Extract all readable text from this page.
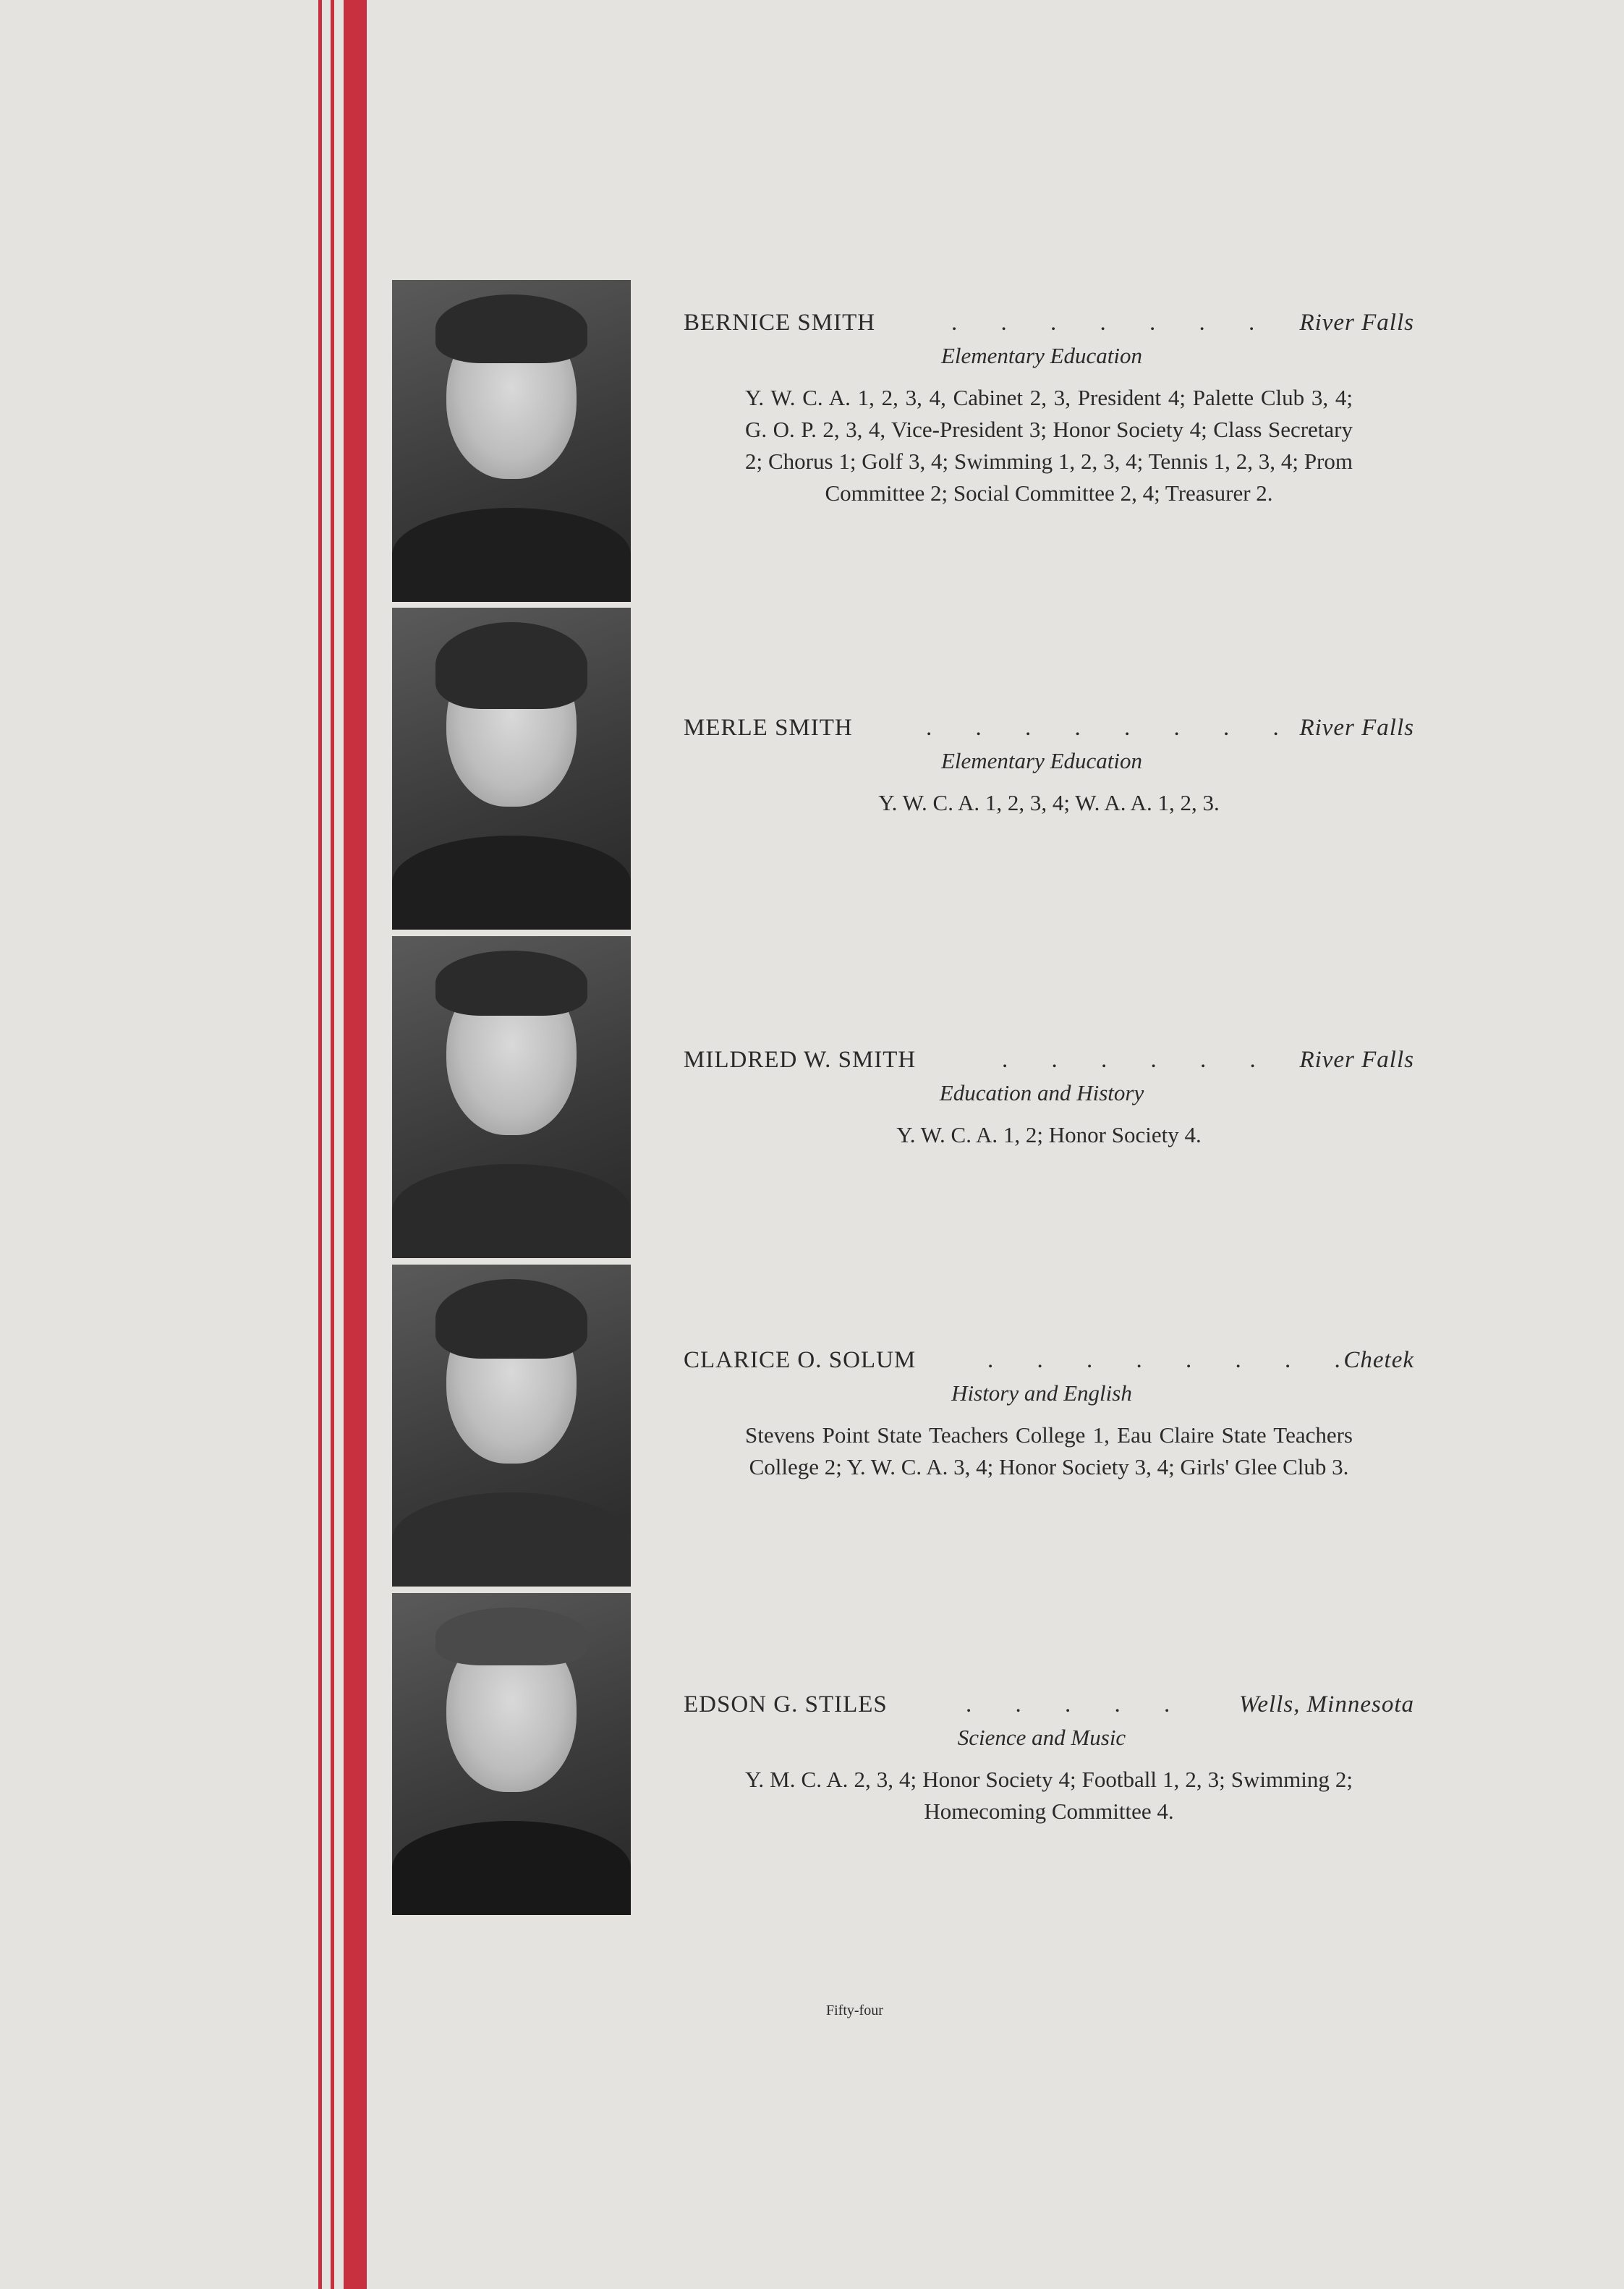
BERNICE SMITH	. . . . . . . River Falls
Elementary Education
Y. W. C. A. 1, 2, 3, 4, Cabinet 2, 3, President 4; Palette Club 3, 4; G. O. P. 2, 3, 4, Vice-President 3; Honor Society 4; Class Secretary 2; Chorus 1; Golf 3, 4; Swimming 1, 2, 3, 4; Tennis 1, 2, 3, 4; Prom Committee 2; Social Committee 2, 4; Treasurer 2.
MERLE SMITH	. . . . . . . . River Falls
Elementary Education
Y. W. C. A. 1, 2, 3, 4; W. A. A. 1, 2, 3.
MILDRED W. SMITH	. . . . . . River Falls
Education and History
Y. W. C. A. 1, 2; Honor Society 4.
CLARICE O. SOLUM	. . . . . . . .
Chetek
History and English
Stevens Point State Teachers College 1, Eau Claire State Teachers College 2; Y. W. C. A. 3, 4; Honor Society 3, 4; Girls' Glee Club 3.
EDSON G. STILES	. . . . . Wells, Minnesota
Science and Music
Y. M. C. A. 2, 3, 4; Honor Society 4; Football 1, 2, 3; Swimming 2; Homecoming Committee 4.
Fifty-four
